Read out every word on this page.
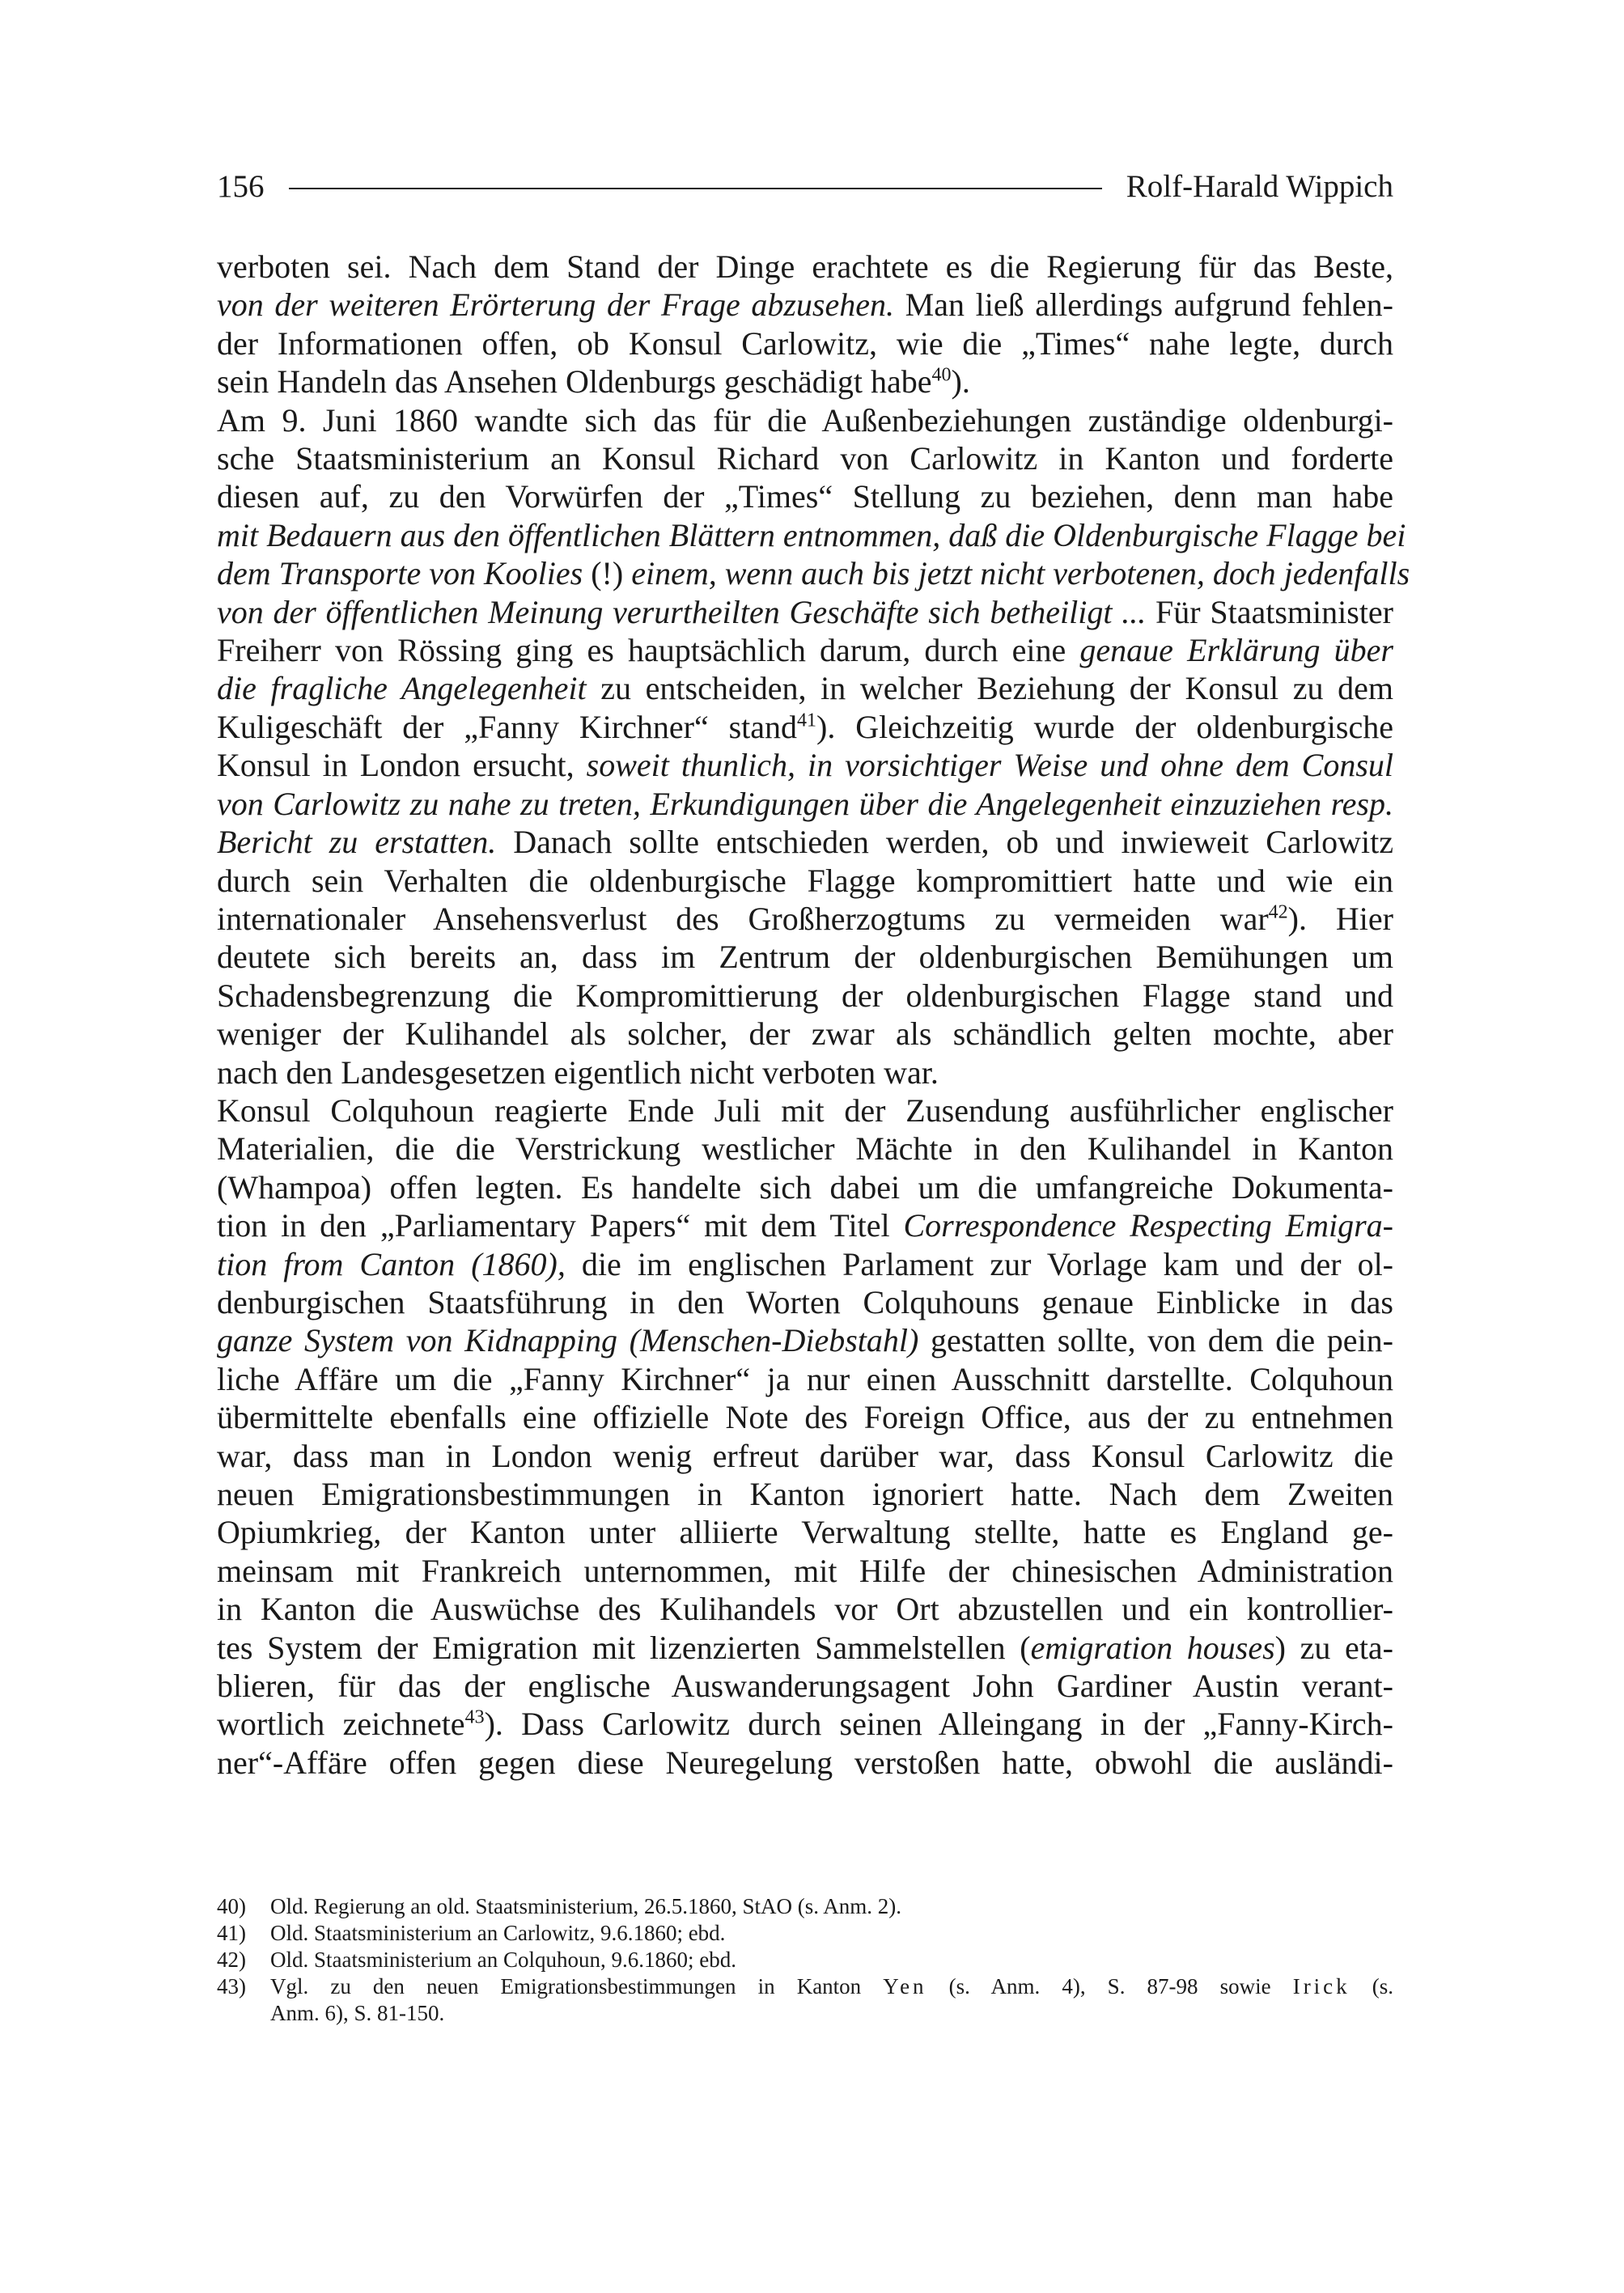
156	Rolf-Harald Wippich
verboten sei. Nach dem Stand der Dinge erachtete es die Regierung für das Beste,
von der weiteren Erörterung der Frage abzusehen. Man ließ allerdings aufgrund fehlen-
der Informationen offen, ob Konsul Carlowitz, wie die „Times“ nahe legte, durch
sein Handeln das Ansehen Oldenburgs geschädigt habe$^{40}$).
Am 9. Juni 1860 wandte sich das für die Außenbeziehungen zuständige oldenburgi-
sche Staatsministerium an Konsul Richard von Carlowitz in Kanton und forderte
diesen auf, zu den Vorwürfen der „Times“ Stellung zu beziehen, denn man habe
mit Bedauern aus den öffentlichen Blättern entnommen, daß die Oldenburgische Flagge bei
dem Transporte von Koolies (!) einem, wenn auch bis jetzt nicht verbotenen, doch jedenfalls
von der öffentlichen Meinung verurtheilten Geschäfte sich betheiligt ... Für Staatsminister
Freiherr von Rössing ging es hauptsächlich darum, durch eine genaue Erklärung über
die fragliche Angelegenheit zu entscheiden, in welcher Beziehung der Konsul zu dem
Kuligeschäft der „Fanny Kirchner“ stand$^{41}$). Gleichzeitig wurde der oldenburgische
Konsul in London ersucht, soweit thunlich, in vorsichtiger Weise und ohne dem Consul
von Carlowitz zu nahe zu treten, Erkundigungen über die Angelegenheit einzuziehen resp.
Bericht zu erstatten. Danach sollte entschieden werden, ob und inwieweit Carlowitz
durch sein Verhalten die oldenburgische Flagge kompromittiert hatte und wie ein
internationaler Ansehensverlust des Großherzogtums zu vermeiden war$^{42}$). Hier
deutete sich bereits an, dass im Zentrum der oldenburgischen Bemühungen um
Schadensbegrenzung die Kompromittierung der oldenburgischen Flagge stand und
weniger der Kulihandel als solcher, der zwar als schändlich gelten mochte, aber
nach den Landesgesetzen eigentlich nicht verboten war.
Konsul Colquhoun reagierte Ende Juli mit der Zusendung ausführlicher englischer
Materialien, die die Verstrickung westlicher Mächte in den Kulihandel in Kanton
(Whampoa) offen legten. Es handelte sich dabei um die umfangreiche Dokumenta-
tion in den „Parliamentary Papers“ mit dem Titel Correspondence Respecting Emigra-
tion from Canton (1860), die im englischen Parlament zur Vorlage kam und der ol-
denburgischen Staatsführung in den Worten Colquhouns genaue Einblicke in das
ganze System von Kidnapping (Menschen-Diebstahl) gestatten sollte, von dem die pein-
liche Affäre um die „Fanny Kirchner“ ja nur einen Ausschnitt darstellte. Colquhoun
übermittelte ebenfalls eine offizielle Note des Foreign Office, aus der zu entnehmen
war, dass man in London wenig erfreut darüber war, dass Konsul Carlowitz die
neuen Emigrationsbestimmungen in Kanton ignoriert hatte. Nach dem Zweiten
Opiumkrieg, der Kanton unter alliierte Verwaltung stellte, hatte es England ge-
meinsam mit Frankreich unternommen, mit Hilfe der chinesischen Administration
in Kanton die Auswüchse des Kulihandels vor Ort abzustellen und ein kontrollier-
tes System der Emigration mit lizenzierten Sammelstellen (emigration houses) zu eta-
blieren, für das der englische Auswanderungsagent John Gardiner Austin verant-
wortlich zeichnete$^{43}$). Dass Carlowitz durch seinen Alleingang in der „Fanny-Kirch-
ner“-Affäre offen gegen diese Neuregelung verstoßen hatte, obwohl die ausländi-
40)	Old. Regierung an old. Staatsministerium, 26.5.1860, StAO (s. Anm. 2).
41)	Old. Staatsministerium an Carlowitz, 9.6.1860; ebd.
42)	Old. Staatsministerium an Colquhoun, 9.6.1860; ebd.
43)	Vgl. zu den neuen Emigrationsbestimmungen in Kanton Yen (s. Anm. 4), S. 87-98 sowie Irick (s.
Anm. 6), S. 81-150.
